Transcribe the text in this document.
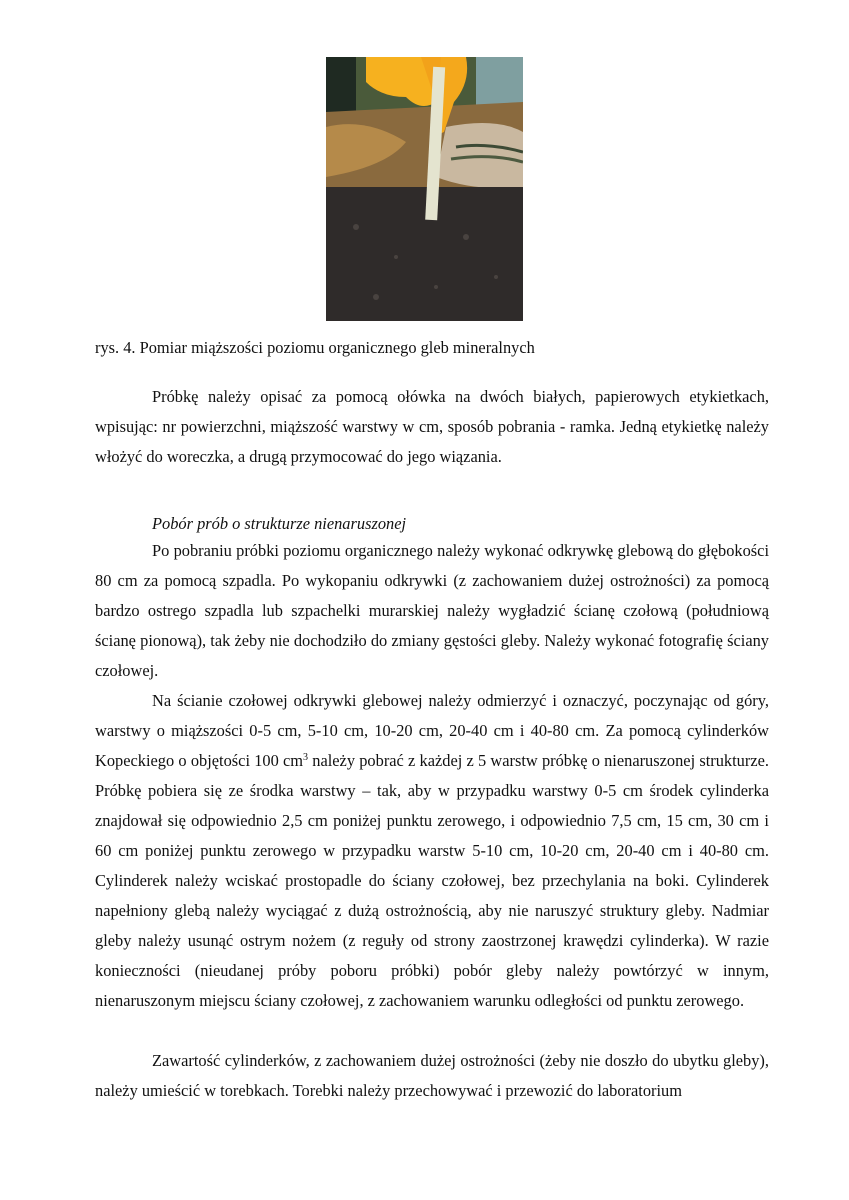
rys. 4. Pomiar miąższości poziomu organicznego gleb mineralnych

Próbkę należy opisać za pomocą ołówka na dwóch białych, papierowych etykietkach, wpisując: nr powierzchni, miąższość warstwy w cm, sposób pobrania - ramka. Jedną etykietkę należy włożyć do woreczka, a drugą przymocować do jego wiązania.

Pobór prób o strukturze nienaruszonej

Po pobraniu próbki poziomu organicznego należy wykonać odkrywkę glebową do głębokości 80 cm za pomocą szpadla. Po wykopaniu odkrywki (z zachowaniem dużej ostrożności) za pomocą bardzo ostrego szpadla lub szpachelki murarskiej należy wygładzić ścianę czołową (południową ścianę pionową), tak żeby nie dochodziło do zmiany gęstości gleby. Należy wykonać fotografię ściany czołowej.

Na ścianie czołowej odkrywki glebowej należy odmierzyć i oznaczyć, poczynając od góry, warstwy o miąższości 0-5 cm, 5-10 cm, 10-20 cm, 20-40 cm i 40-80 cm. Za pomocą cylinderków Kopeckiego o objętości 100 $cm^3$ należy pobrać z każdej z 5 warstw próbkę o nienaruszonej strukturze. Próbkę pobiera się ze środka warstwy – tak, aby w przypadku warstwy 0-5 cm środek cylinderka znajdował się odpowiednio 2,5 cm poniżej punktu zerowego, i odpowiednio 7,5 cm, 15 cm, 30 cm i 60 cm poniżej punktu zerowego w przypadku warstw 5-10 cm, 10-20 cm, 20-40 cm i 40-80 cm. Cylinderek należy wciskać prostopadle do ściany czołowej, bez przechylania na boki. Cylinderek napełniony glebą należy wyciągać z dużą ostrożnością, aby nie naruszyć struktury gleby. Nadmiar gleby należy usunąć ostrym nożem (z reguły od strony zaostrzonej krawędzi cylinderka). W razie konieczności (nieudanej próby poboru próbki) pobór gleby należy powtórzyć w innym, nienaruszonym miejscu ściany czołowej, z zachowaniem warunku odległości od punktu zerowego.

Zawartość cylinderków, z zachowaniem dużej ostrożności (żeby nie doszło do ubytku gleby), należy umieścić w torebkach. Torebki należy przechowywać i przewozić do laboratorium
